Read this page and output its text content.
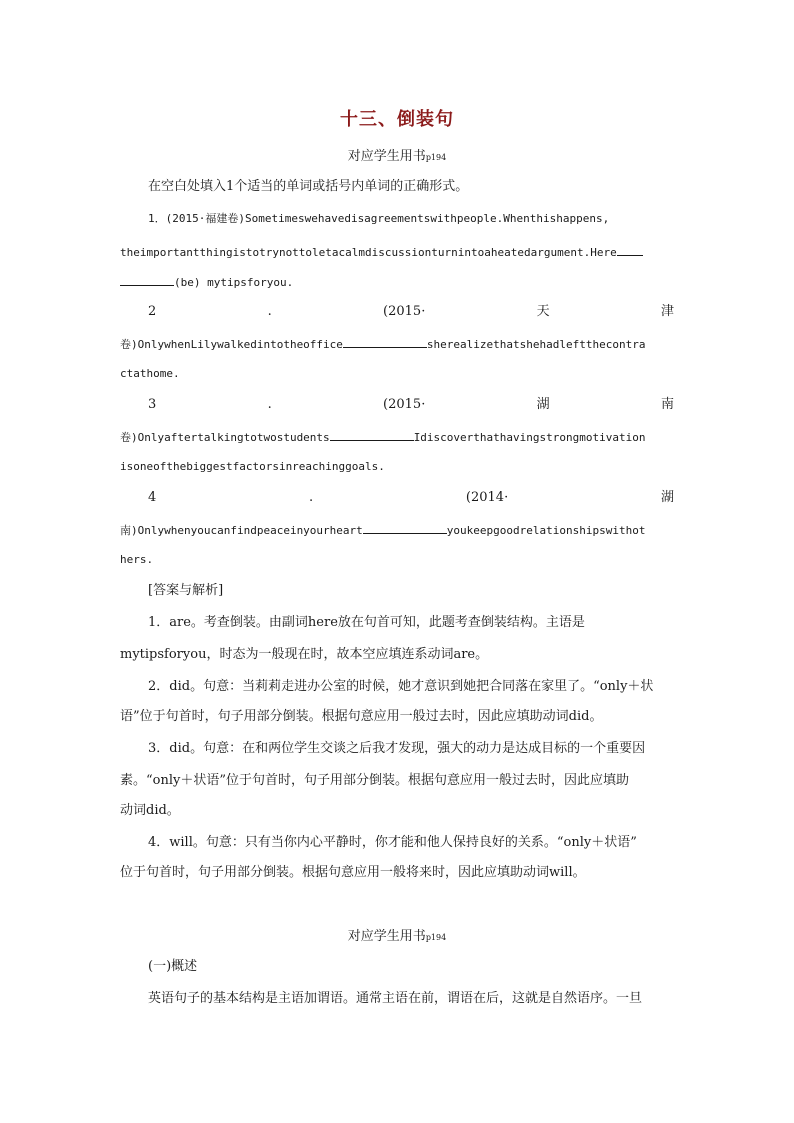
十三、倒装句
对应学生用书p194
在空白处填入1个适当的单词或括号内单词的正确形式。
1．(2015·福建卷)Sometimeswehavedisagreementswithpeople.Whenthishappens,
theimportantthingistotrynottoletacalmdiscussionturnintoaheatedargument.Here
(be) mytipsforyou.
2	.	(2015·	天	津
卷)OnlywhenLilywalkedintotheoffice	sherealizethatshehadleftthecontra
ctathome.
3	.	(2015·	湖	南
卷)Onlyaftertalkingtotwostudents	Idiscoverthathavingstrongmotivation
isoneofthebiggestfactorsinreachinggoals.
4	.	(2014·	湖
南)Onlywhenyoucanfindpeaceinyourheart	youkeepgoodrelationshipswithot
hers.
[答案与解析]
1．are。考查倒装。由副词here放在句首可知，此题考查倒装结构。主语是
mytipsforyou，时态为一般现在时，故本空应填连系动词are。
2．did。句意：当莉莉走进办公室的时候，她才意识到她把合同落在家里了。“only＋状
语”位于句首时，句子用部分倒装。根据句意应用一般过去时，因此应填助动词did。
3．did。句意：在和两位学生交谈之后我才发现，强大的动力是达成目标的一个重要因
素。“only＋状语”位于句首时，句子用部分倒装。根据句意应用一般过去时，因此应填助
动词did。
4．will。句意：只有当你内心平静时，你才能和他人保持良好的关系。“only＋状语”
位于句首时，句子用部分倒装。根据句意应用一般将来时，因此应填助动词will。
对应学生用书p194
(一)概述
英语句子的基本结构是主语加谓语。通常主语在前，谓语在后，这就是自然语序。一旦
